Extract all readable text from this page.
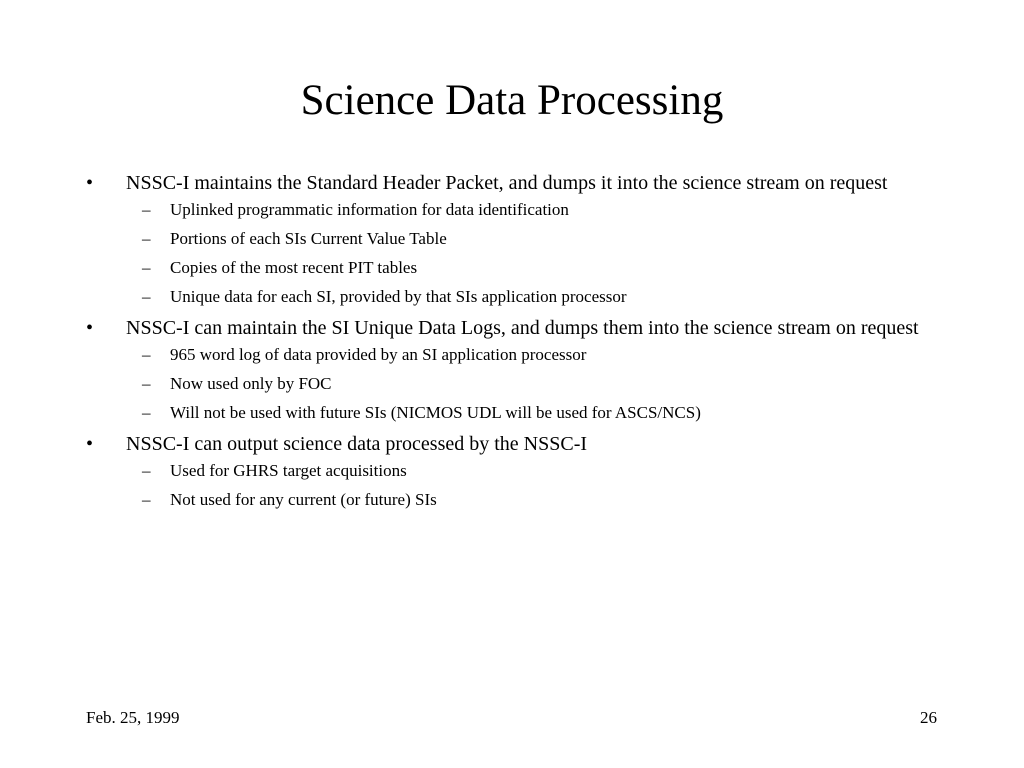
Science Data Processing
•	NSSC-I maintains the Standard Header Packet, and dumps it into the science stream on request
– Uplinked programmatic information for data identification
– Portions of each SIs Current Value Table
– Copies of the most recent PIT tables
– Unique data for each SI, provided by that SIs application processor
•	NSSC-I can maintain the SI Unique Data Logs, and dumps them into the science stream on request
– 965 word log of data provided by an SI application processor
– Now used only by FOC
– Will not be used with future SIs (NICMOS UDL will be used for ASCS/NCS)
•	NSSC-I can output science data processed by the NSSC-I
– Used for GHRS target acquisitions
– Not used for any current (or future) SIs
Feb. 25, 1999	26
